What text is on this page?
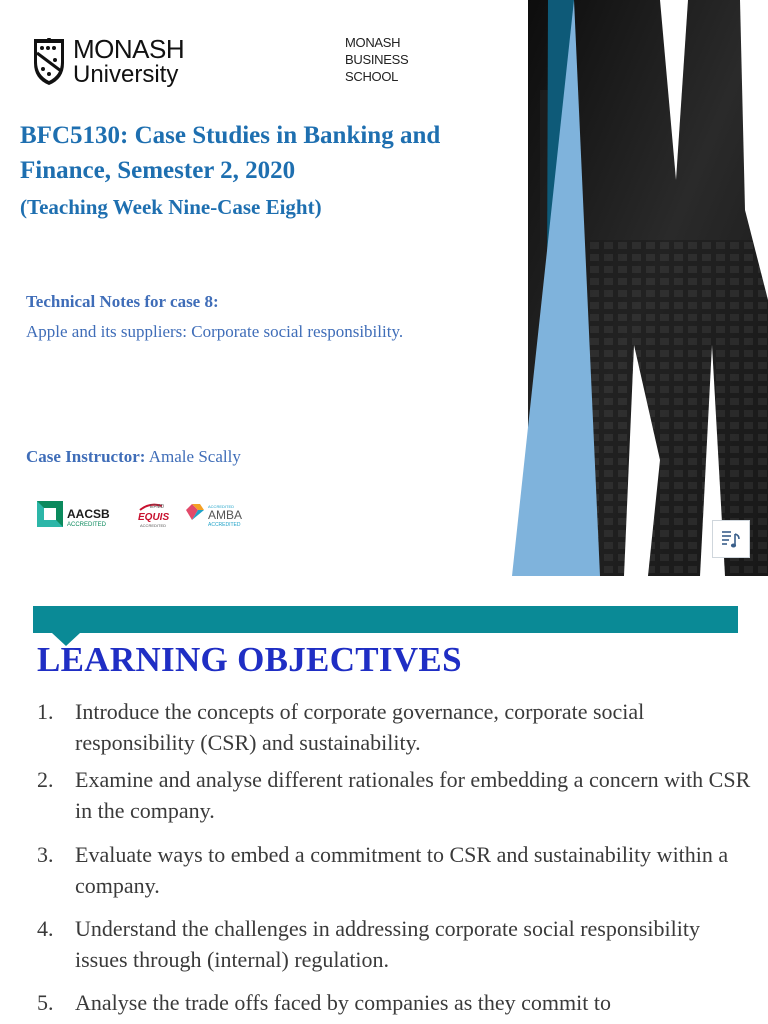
MONASH
University
MONASH
BUSINESS
SCHOOL
BFC5130: Case Studies in Banking and Finance, Semester 2, 2020
(Teaching Week Nine-Case Eight)

Technical Notes for case 8:

Apple and its suppliers: Corporate social responsibility.

Case Instructor: Amale Scally

AACSB
ACCREDITED
EFMD
EQUIS
ACCREDITED
ACCREDITED
AMBA
ACCREDITED
LEARNING OBJECTIVES
1. Introduce the concepts of corporate governance, corporate social responsibility (CSR) and sustainability.
2. Examine and analyse different rationales for embedding a concern with CSR in the company.
3. Evaluate ways to embed a commitment to CSR and sustainability within a company.
4. Understand the challenges in addressing corporate social responsibility issues through (internal) regulation.
5. Analyse the trade offs faced by companies as they commit to
